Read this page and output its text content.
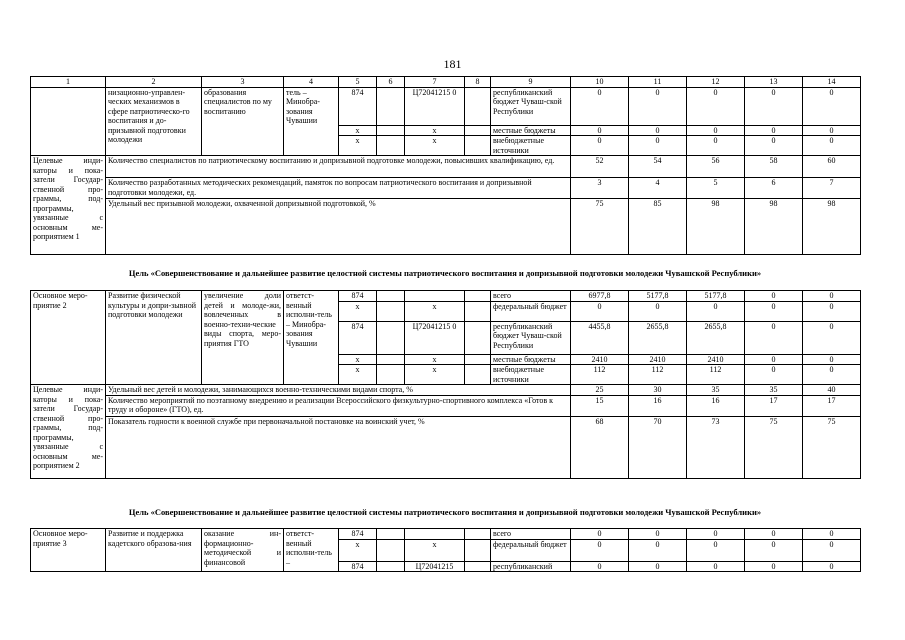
181
1	2	3	4	5	6	7	8	9	10	11	12	13	14
	низационно-управлен-ческих механизмов в сфере патриотическо-го воспитания и до-призывной подготовки молодежи	образования специалистов по му воспитанию	тель – Минобра-зования Чувашии	874		Ц72041215 0		республиканский бюджет Чуваш-ской Республики	0	0	0	0	0
				х		х		местные бюджеты	0	0	0	0	0
				х		х		внебюджетные источники	0	0	0	0	0
Целевые инди-каторы и пока-затели Государ-ственной про-граммы, под-программы, увязанные с основным ме-роприятием 1	Количество специалистов по патриотическому воспитанию и допризывной подготовке молодежи, повысивших квалификацию, ед.								52	54	56	58	60
	Количество разработанных методических рекомендаций, памяток по вопросам патриотического воспитания и допризывной подготовки молодежи, ед.								3	4	5	6	7
	Удельный вес призывной молодежи, охваченной допризывной подготовкой, %								75	85	98	98	98
Цель «Совершенствование и дальнейшее развитие целостной системы патриотического воспитания и допризывной подготовки молодежи Чувашской Республики»
Основное меро-приятие 2	Развитие физической культуры и допри-зывной подготовки молодежи	увеличение доли детей и молоде-жи, вовлеченных в военно-техни-ческие виды спорта, меро-приятия ГТО	ответст-венный исполни-тель – Минобра-зования Чувашии	874				всего	6977,8	5177,8	5177,8	0	0
				х		х		федеральный бюджет	0	0	0	0	0
				874		Ц72041215 0		республиканский бюджет Чуваш-ской Республики	4455,8	2655,8	2655,8	0	0
				х		х		местные бюджеты	2410	2410	2410	0	0
				х		х		внебюджетные источники	112	112	112	0	0
Целевые инди-каторы и пока-затели Государ-ственной про-граммы, под-программы, увязанные с основным ме-роприятием 2	Удельный вес детей и молодежи, занимающихся военно-техническими видами спорта, %								25	30	35	35	40
	Количество мероприятий по поэтапному внедрению и реализации Всероссийского физкультурно-спортивного комплекса «Готов к труду и обороне» (ГТО), ед.								15	16	16	17	17
	Показатель годности к военной службе при первоначальной постановке на воинский учет, %								68	70	73	75	75
Цель «Совершенствование и дальнейшее развитие целостной системы патриотического воспитания и допризывной подготовки молодежи Чувашской Республики»
Основное меро-приятие 3	Развитие и поддержка кадетского образова-ния	оказание ин-формационно-методической и финансовой	ответст-венный исполни-тель –	874				всего	0	0	0	0	0
				х		х		федеральный бюджет	0	0	0	0	0
				874		Ц72041215		республиканский	0	0	0	0	0
